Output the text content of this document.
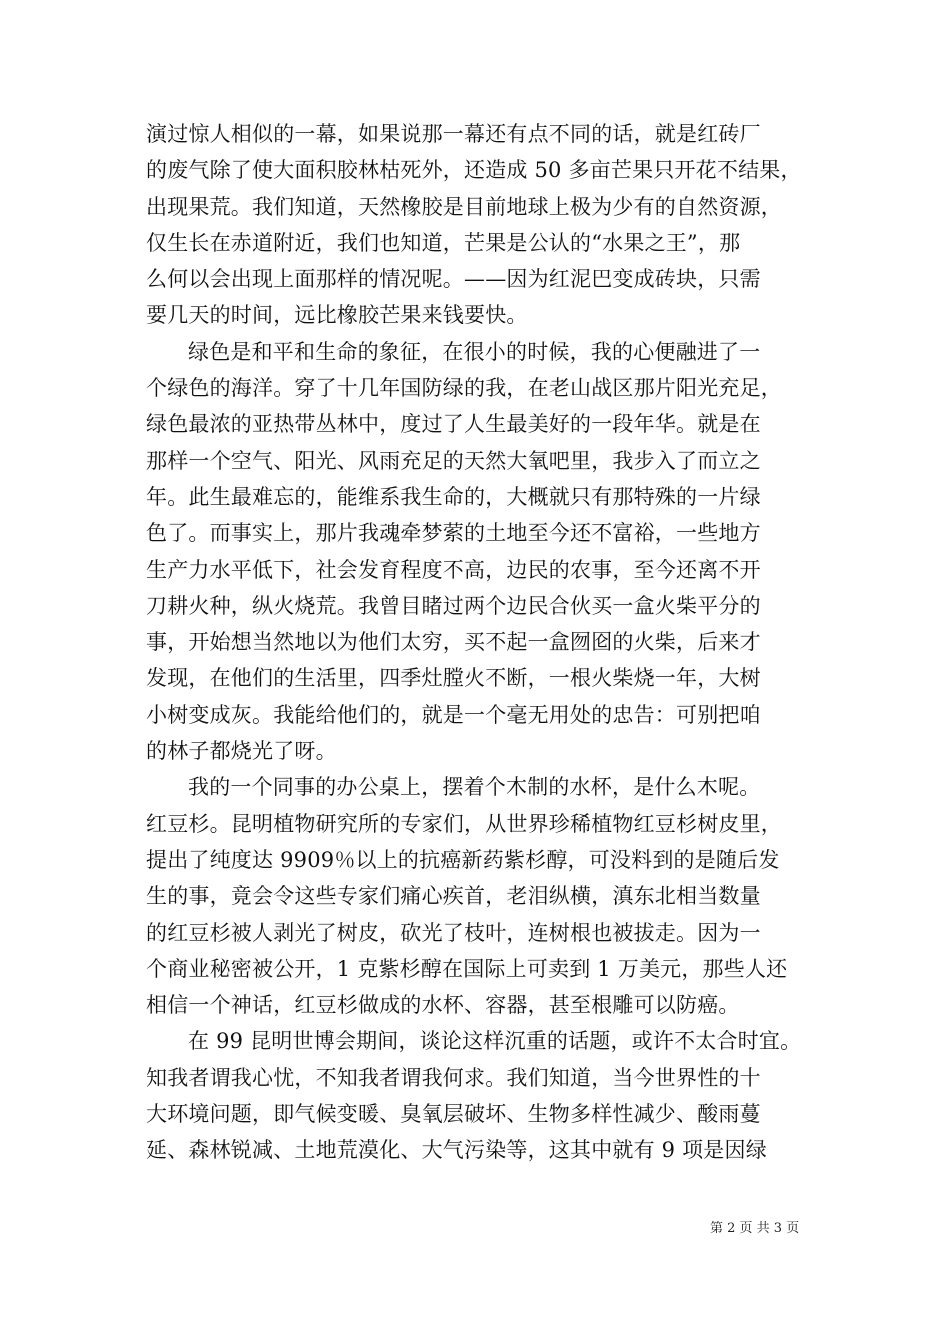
演过惊人相似的一幕，如果说那一幕还有点不同的话，就是红砖厂
的废气除了使大面积胶林枯死外，还造成 50 多亩芒果只开花不结果，
出现果荒。我们知道，天然橡胶是目前地球上极为少有的自然资源，
仅生长在赤道附近，我们也知道，芒果是公认的“水果之王”，那
么何以会出现上面那样的情况呢。——因为红泥巴变成砖块，只需
要几天的时间，远比橡胶芒果来钱要快。
绿色是和平和生命的象征，在很小的时候，我的心便融进了一
个绿色的海洋。穿了十几年国防绿的我，在老山战区那片阳光充足，
绿色最浓的亚热带丛林中，度过了人生最美好的一段年华。就是在
那样一个空气、阳光、风雨充足的天然大氧吧里，我步入了而立之
年。此生最难忘的，能维系我生命的，大概就只有那特殊的一片绿
色了。而事实上，那片我魂牵梦萦的土地至今还不富裕，一些地方
生产力水平低下，社会发育程度不高，边民的农事，至今还离不开
刀耕火种，纵火烧荒。我曾目睹过两个边民合伙买一盒火柴平分的
事，开始想当然地以为他们太穷，买不起一盒囫囵的火柴，后来才
发现，在他们的生活里，四季灶膛火不断，一根火柴烧一年，大树
小树变成灰。我能给他们的，就是一个毫无用处的忠告：可别把咱
的林子都烧光了呀。
我的一个同事的办公桌上，摆着个木制的水杯，是什么木呢。
红豆杉。昆明植物研究所的专家们，从世界珍稀植物红豆杉树皮里，
提出了纯度达 9909％以上的抗癌新药紫杉醇，可没料到的是随后发
生的事，竟会令这些专家们痛心疾首，老泪纵横，滇东北相当数量
的红豆杉被人剥光了树皮，砍光了枝叶，连树根也被拔走。因为一
个商业秘密被公开，1 克紫杉醇在国际上可卖到 1 万美元，那些人还
相信一个神话，红豆杉做成的水杯、容器，甚至根雕可以防癌。
在 99 昆明世博会期间，谈论这样沉重的话题，或许不太合时宜。
知我者谓我心忧，不知我者谓我何求。我们知道，当今世界性的十
大环境问题，即气候变暖、臭氧层破坏、生物多样性减少、酸雨蔓
延、森林锐减、土地荒漠化、大气污染等，这其中就有 9 项是因绿
第 2 页 共 3 页
